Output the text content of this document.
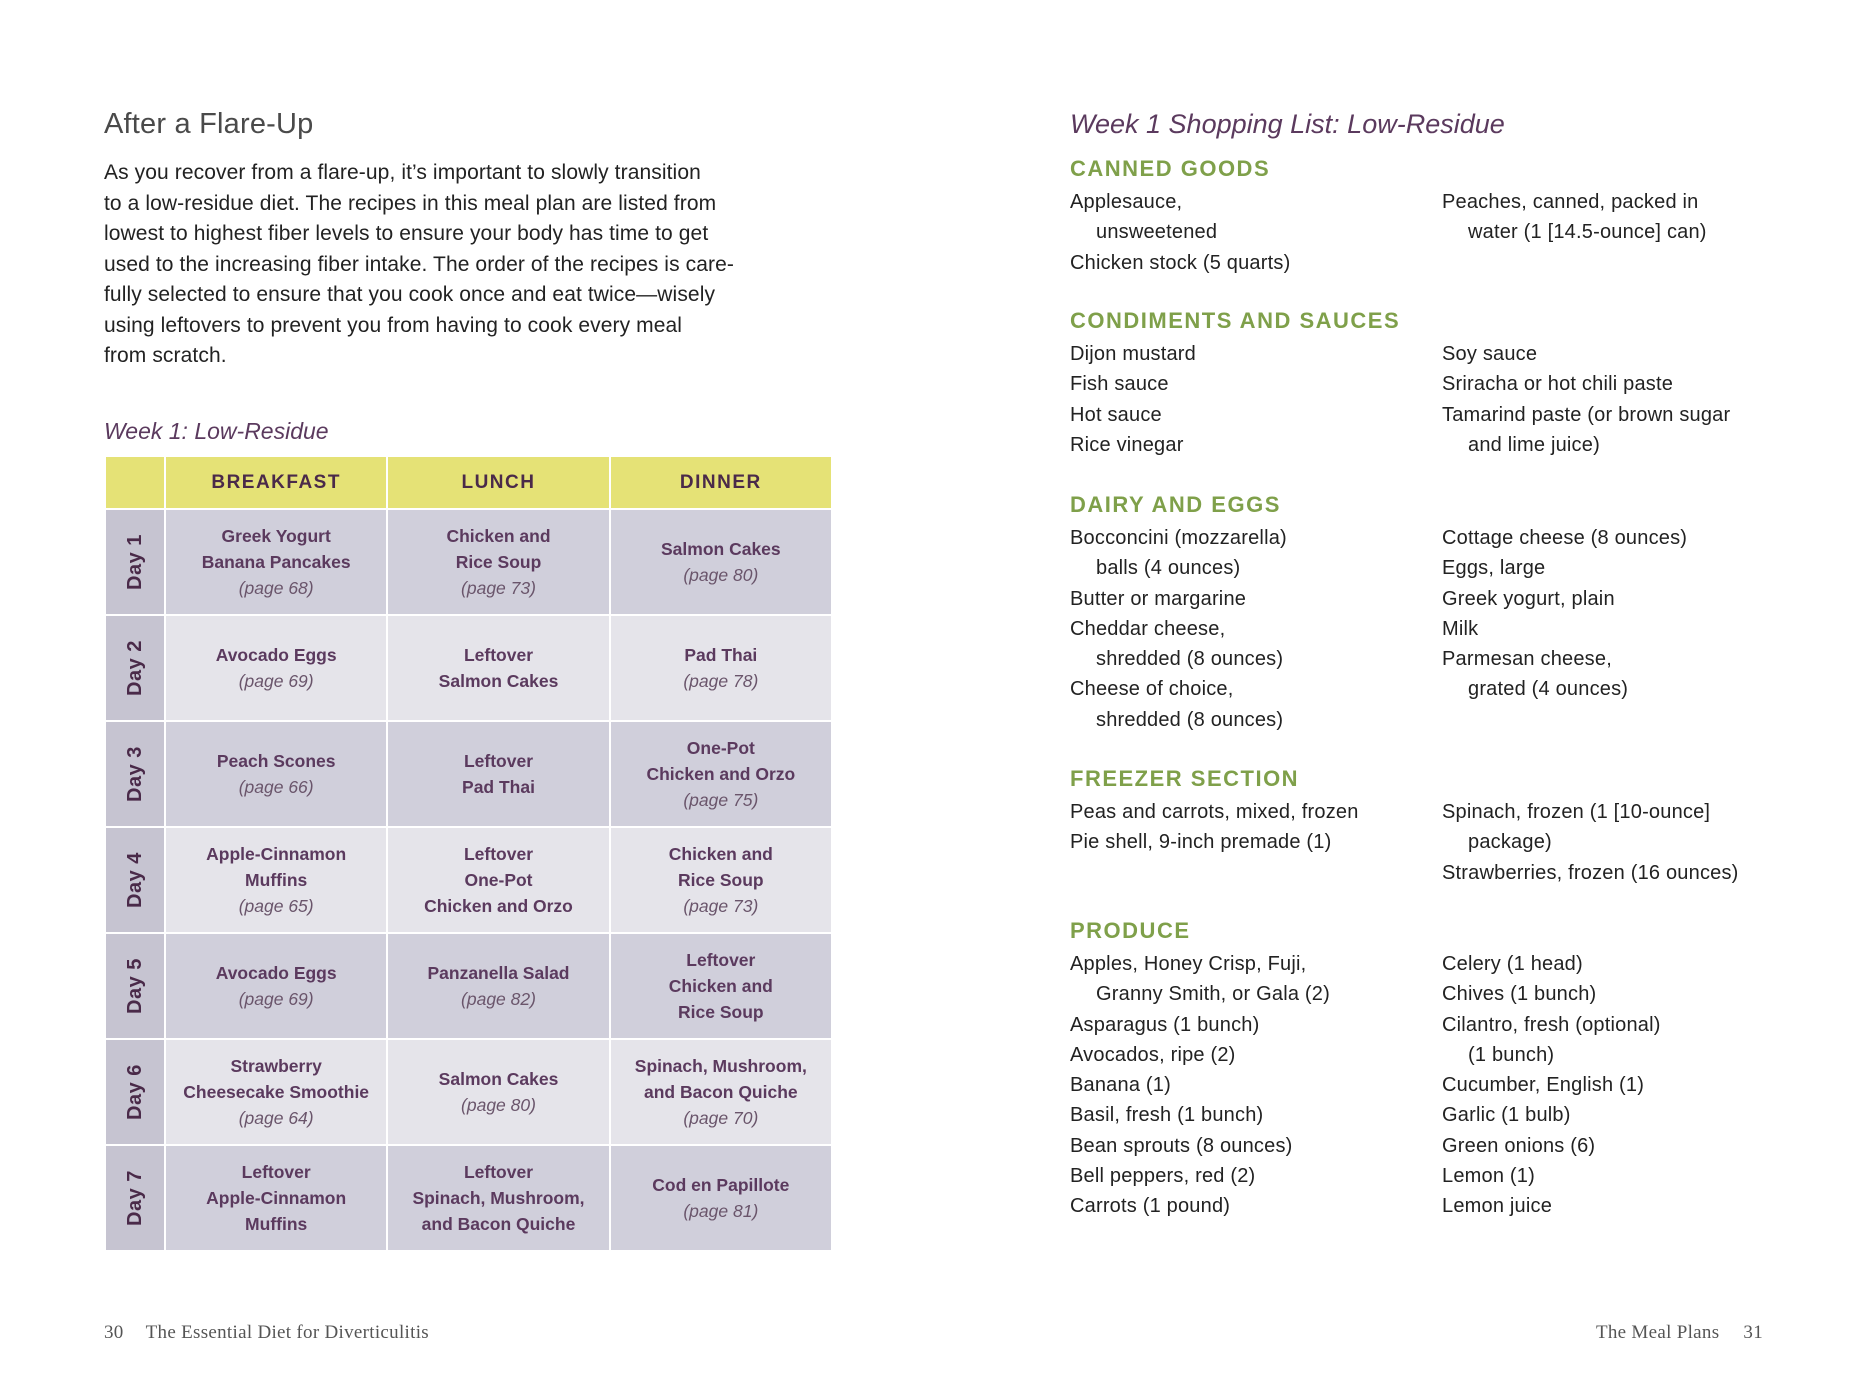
After a Flare-Up
As you recover from a flare-up, it’s important to slowly transition
to a low-residue diet. The recipes in this meal plan are listed from
lowest to highest fiber levels to ensure your body has time to get
used to the increasing fiber intake. The order of the recipes is care-
fully selected to ensure that you cook once and eat twice—wisely
using leftovers to prevent you from having to cook every meal
from scratch.
Week 1: Low-Residue
	BREAKFAST	LUNCH	DINNER
Day 1	Greek Yogurt
Banana Pancakes
(page 68)	Chicken and
Rice Soup
(page 73)	Salmon Cakes
(page 80)

Day 2	Avocado Eggs
(page 69)	Leftover
Salmon Cakes	Pad Thai
(page 78)

Day 3	Peach Scones
(page 66)	Leftover
Pad Thai	One-Pot
Chicken and Orzo
(page 75)

Day 4	Apple-Cinnamon
Muffins
(page 65)	Leftover
One-Pot
Chicken and Orzo	Chicken and
Rice Soup
(page 73)

Day 5	Avocado Eggs
(page 69)	Panzanella Salad
(page 82)	Leftover
Chicken and
Rice Soup

Day 6	Strawberry
Cheesecake Smoothie
(page 64)	Salmon Cakes
(page 80)	Spinach, Mushroom,
and Bacon Quiche
(page 70)

Day 7	Leftover
Apple-Cinnamon
Muffins	Leftover
Spinach, Mushroom,
and Bacon Quiche	Cod en Papillote
(page 81)
30 The Essential Diet for Diverticulitis
Week 1 Shopping List: Low-Residue
CANNED GOODS
Applesauce,
unsweetened
Chicken stock (5 quarts)
Peaches, canned, packed in
water (1 [14.5-ounce] can)
CONDIMENTS AND SAUCES
Dijon mustard
Fish sauce
Hot sauce
Rice vinegar
Soy sauce
Sriracha or hot chili paste
Tamarind paste (or brown sugar
and lime juice)
DAIRY AND EGGS
Bocconcini (mozzarella)
balls (4 ounces)
Butter or margarine
Cheddar cheese,
shredded (8 ounces)
Cheese of choice,
shredded (8 ounces)
Cottage cheese (8 ounces)
Eggs, large
Greek yogurt, plain
Milk
Parmesan cheese,
grated (4 ounces)
FREEZER SECTION
Peas and carrots, mixed, frozen
Pie shell, 9-inch premade (1)
Spinach, frozen (1 [10-ounce]
package)
Strawberries, frozen (16 ounces)
PRODUCE
Apples, Honey Crisp, Fuji,
Granny Smith, or Gala (2)
Asparagus (1 bunch)
Avocados, ripe (2)
Banana (1)
Basil, fresh (1 bunch)
Bean sprouts (8 ounces)
Bell peppers, red (2)
Carrots (1 pound)
Celery (1 head)
Chives (1 bunch)
Cilantro, fresh (optional)
(1 bunch)
Cucumber, English (1)
Garlic (1 bulb)
Green onions (6)
Lemon (1)
Lemon juice
The Meal Plans 31
